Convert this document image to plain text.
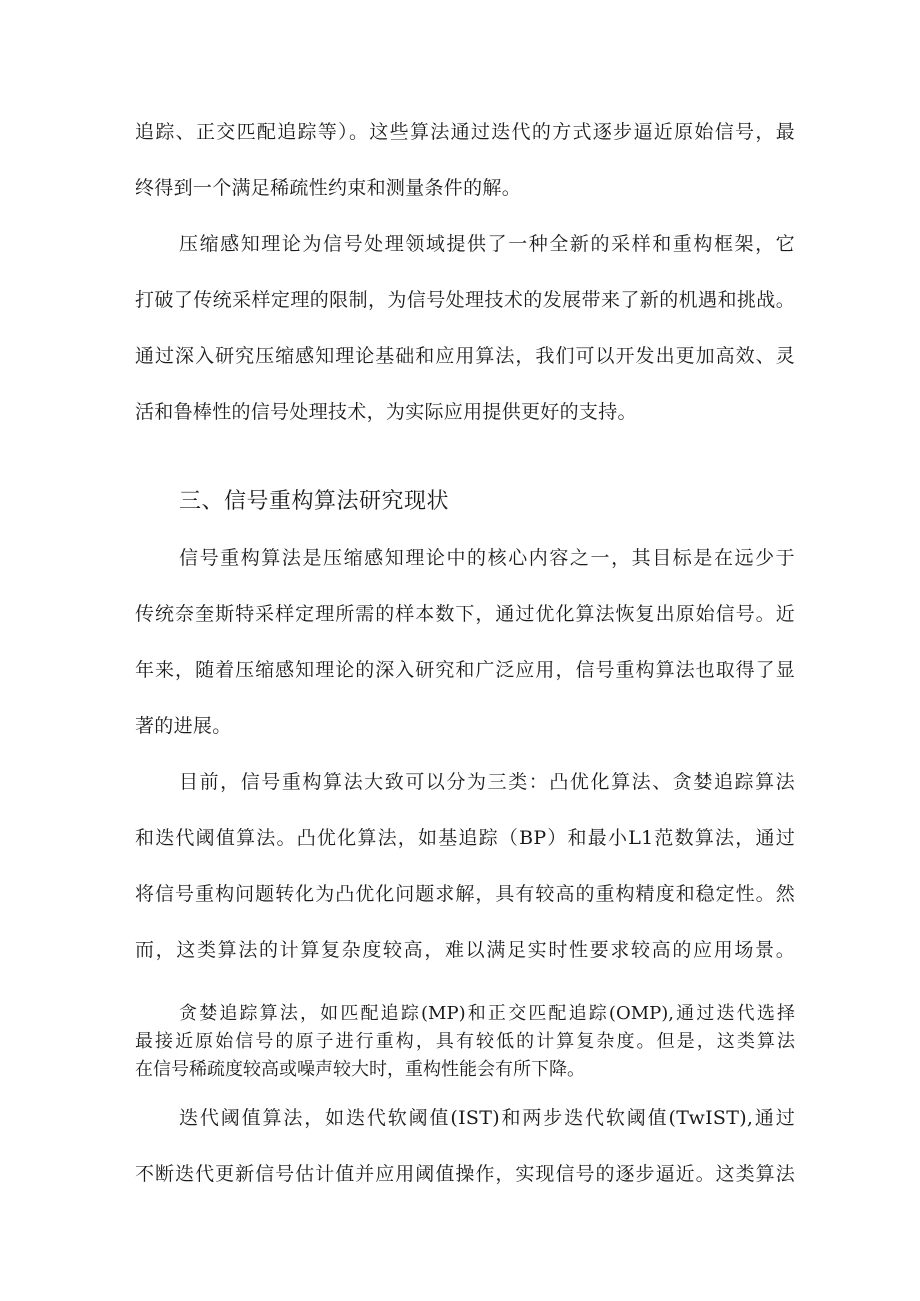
追踪、正交匹配追踪等）。这些算法通过迭代的方式逐步逼近原始信号，最
终得到一个满足稀疏性约束和测量条件的解。
压缩感知理论为信号处理领域提供了一种全新的采样和重构框架，它
打破了传统采样定理的限制，为信号处理技术的发展带来了新的机遇和挑战。
通过深入研究压缩感知理论基础和应用算法，我们可以开发出更加高效、灵
活和鲁棒性的信号处理技术，为实际应用提供更好的支持。
三、信号重构算法研究现状
信号重构算法是压缩感知理论中的核心内容之一，其目标是在远少于
传统奈奎斯特采样定理所需的样本数下，通过优化算法恢复出原始信号。近
年来，随着压缩感知理论的深入研究和广泛应用，信号重构算法也取得了显
著的进展。
目前，信号重构算法大致可以分为三类：凸优化算法、贪婪追踪算法
和迭代阈值算法。凸优化算法，如基追踪（BP）和最小L1范数算法，通过
将信号重构问题转化为凸优化问题求解，具有较高的重构精度和稳定性。然
而，这类算法的计算复杂度较高，难以满足实时性要求较高的应用场景。
贪婪追踪算法，如匹配追踪(MP)和正交匹配追踪(OMP),通过迭代选择
最接近原始信号的原子进行重构，具有较低的计算复杂度。但是，这类算法
在信号稀疏度较高或噪声较大时，重构性能会有所下降。
迭代阈值算法，如迭代软阈值(IST)和两步迭代软阈值(TwIST),通过
不断迭代更新信号估计值并应用阈值操作，实现信号的逐步逼近。这类算法
